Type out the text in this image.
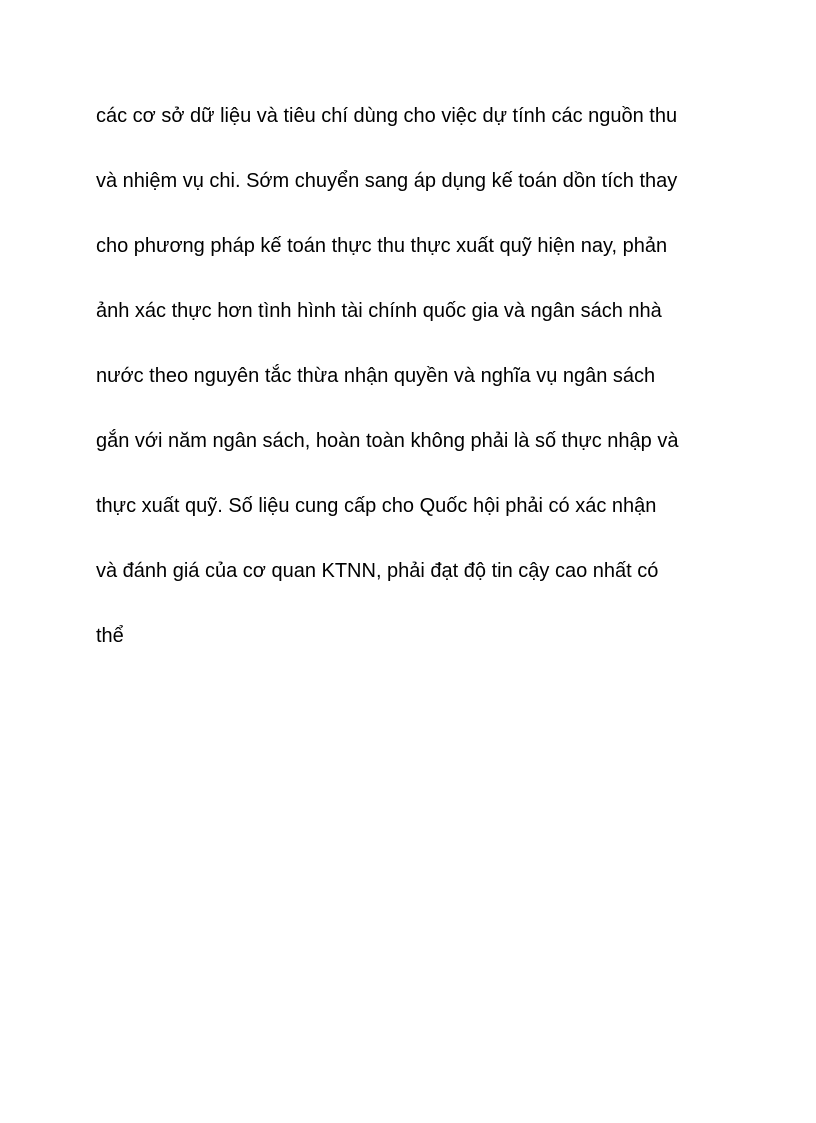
các cơ sở dữ liệu và tiêu chí dùng cho việc dự tính các nguồn thu
và nhiệm vụ chi. Sớm chuyển sang áp dụng kế toán dồn tích thay
cho phương pháp kế toán thực thu thực xuất quỹ hiện nay, phản
ảnh xác thực hơn tình hình tài chính quốc gia và ngân sách nhà
nước theo nguyên tắc thừa nhận quyền và nghĩa vụ ngân sách
gắn với năm ngân sách, hoàn toàn không phải là số thực nhập và
thực xuất quỹ. Số liệu cung cấp cho Quốc hội phải có xác nhận
và đánh giá của cơ quan KTNN, phải đạt độ tin cậy cao nhất có
thể
